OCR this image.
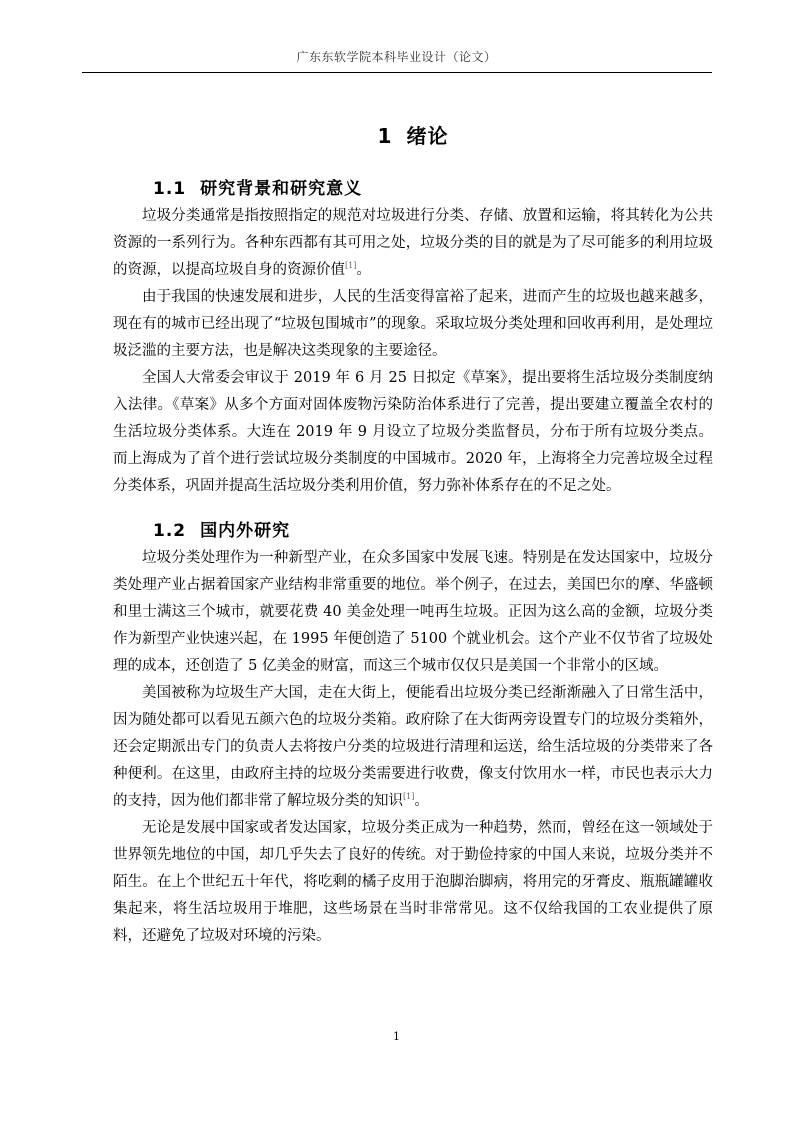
广东东软学院本科毕业设计（论文）
1 绪论
1.1 研究背景和研究意义

垃圾分类通常是指按照指定的规范对垃圾进行分类、存储、放置和运输，将其转化为公共资源的一系列行为。各种东西都有其可用之处，垃圾分类的目的就是为了尽可能多的利用垃圾的资源，以提高垃圾自身的资源价值[1]。

由于我国的快速发展和进步，人民的生活变得富裕了起来，进而产生的垃圾也越来越多，现在有的城市已经出现了“垃圾包围城市”的现象。采取垃圾分类处理和回收再利用，是处理垃圾泛滥的主要方法，也是解决这类现象的主要途径。

全国人大常委会审议于 2019 年 6 月 25 日拟定《草案》，提出要将生活垃圾分类制度纳入法律。《草案》从多个方面对固体废物污染防治体系进行了完善，提出要建立覆盖全农村的生活垃圾分类体系。大连在 2019 年 9 月设立了垃圾分类监督员，分布于所有垃圾分类点。而上海成为了首个进行尝试垃圾分类制度的中国城市。2020 年，上海将全力完善垃圾全过程分类体系，巩固并提高生活垃圾分类利用价值，努力弥补体系存在的不足之处。

1.2 国内外研究

垃圾分类处理作为一种新型产业，在众多国家中发展飞速。特别是在发达国家中，垃圾分类处理产业占据着国家产业结构非常重要的地位。举个例子，在过去，美国巴尔的摩、华盛顿和里士满这三个城市，就要花费 40 美金处理一吨再生垃圾。正因为这么高的金额，垃圾分类作为新型产业快速兴起，在 1995 年便创造了 5100 个就业机会。这个产业不仅节省了垃圾处理的成本，还创造了 5 亿美金的财富，而这三个城市仅仅只是美国一个非常小的区域。

美国被称为垃圾生产大国，走在大街上，便能看出垃圾分类已经渐渐融入了日常生活中，因为随处都可以看见五颜六色的垃圾分类箱。政府除了在大街两旁设置专门的垃圾分类箱外，还会定期派出专门的负责人去将按户分类的垃圾进行清理和运送，给生活垃圾的分类带来了各种便利。在这里，由政府主持的垃圾分类需要进行收费，像支付饮用水一样，市民也表示大力的支持，因为他们都非常了解垃圾分类的知识[1]。

无论是发展中国家或者发达国家，垃圾分类正成为一种趋势，然而，曾经在这一领域处于世界领先地位的中国，却几乎失去了良好的传统。对于勤俭持家的中国人来说，垃圾分类并不陌生。在上个世纪五十年代，将吃剩的橘子皮用于泡脚治脚病，将用完的牙膏皮、瓶瓶罐罐收集起来，将生活垃圾用于堆肥，这些场景在当时非常常见。这不仅给我国的工农业提供了原料，还避免了垃圾对环境的污染。

1
